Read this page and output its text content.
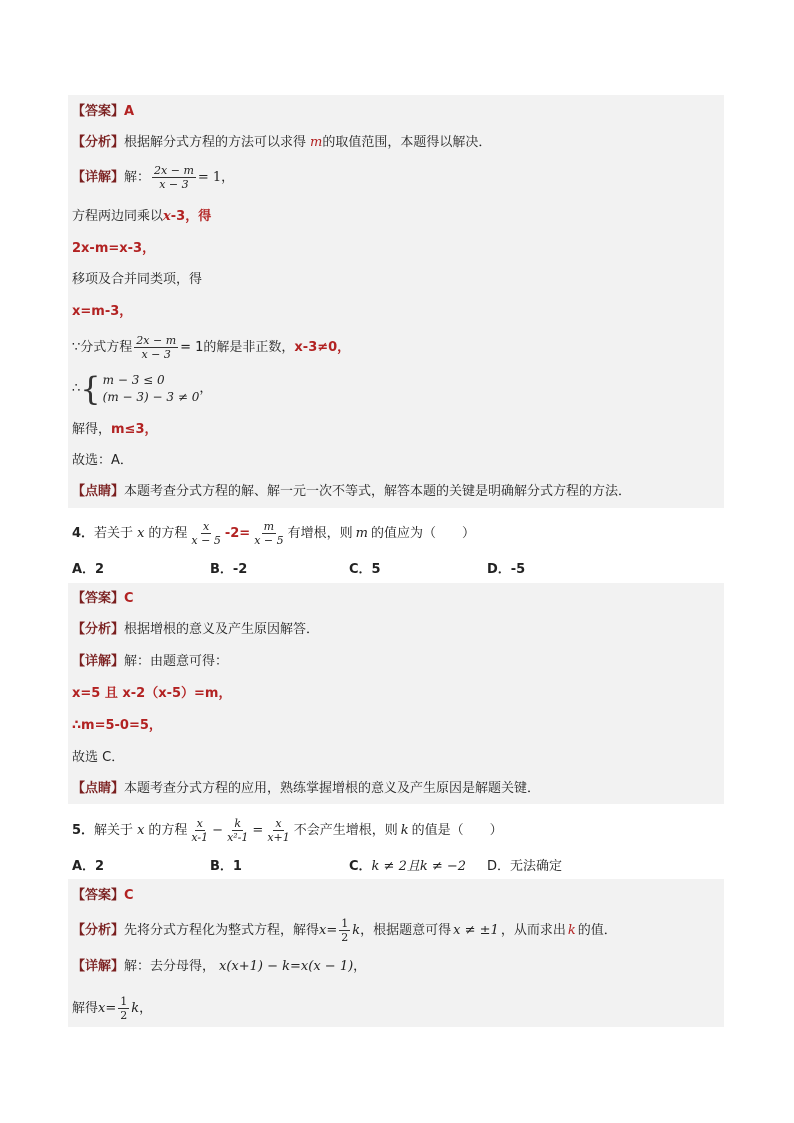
【答案】 A
【分析】 根据解分式方程的方法可以求得 m 的取值范围，本题得以解决．
【详解】 解： $\frac{2x - m}{x - 3} = 1$，
方程两边同乘以 x -3，得
2x-m=x-3，
移项及合并同类项，得
x=m-3，
∵分式方程 $\frac{2x - m}{x - 3} = 1$的解是非正数， x-3≠0，
∴ { m − 3 ≤ 0
(m − 3) − 3 ≠ 0
，
解得， m≤3，
故选：A．
【点睛】 本题考查分式方程的解、解一元一次不等式，解答本题的关键是明确解分式方程的方法．
4． 若关于 x 的方程 $\frac{x}{x - 5} -2= \frac{m}{x - 5}$ 有增根，则 m 的值应为（　　）
A．2	B．-2	C．5	D．-5
【答案】 C
【分析】 根据增根的意义及产生原因解答．
【详解】 解：由题意可得：
x=5 且 x-2（x-5）=m，
∴m=5-0=5，
故选 C．
【点睛】 本题考查分式方程的应用，熟练掌握增根的意义及产生原因是解题关键．
5． 解关于 x 的方程 $\frac{x}{x-1} - \frac{k}{\text{x²-1}} = \frac{x}{x+1}$ 不会产生增根，则 k 的值是（　　）
A．2	B．1	C．k ≠ 2且k ≠ −2 D．无法确定
【答案】 C
【分析】 先将分式方程化为整式方程，解得 $x= \frac{1}{2}$ k ，根据题意可得 x ≠ ±1 ，从而求出 k 的值．
【详解】 解：去分母得， x(x+1) − k=x(x − 1) ，
解得 $x= \frac{1}{2}$ k ，
